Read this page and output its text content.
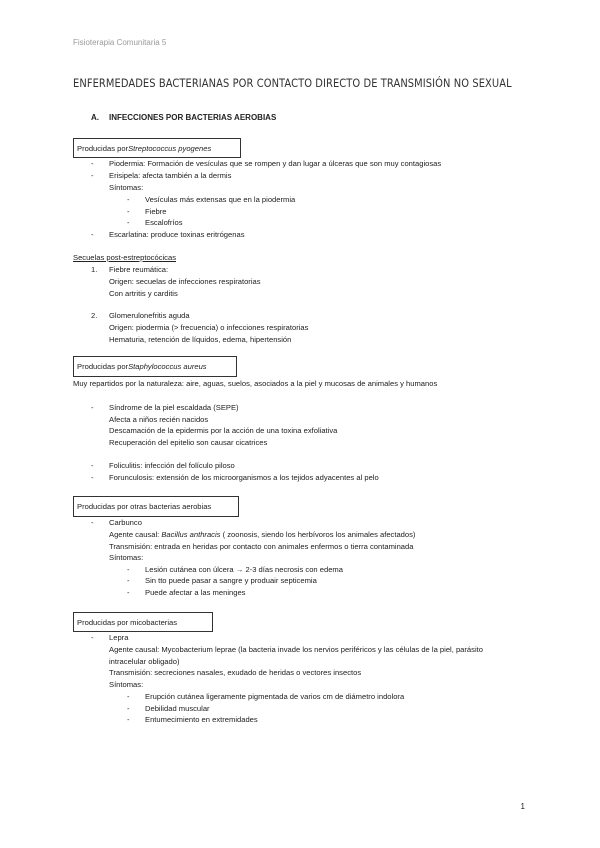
Fisioterapia Comunitaria 5
ENFERMEDADES BACTERIANAS POR CONTACTO DIRECTO DE TRANSMISIÓN NO SEXUAL
A. INFECCIONES POR BACTERIAS AEROBIAS
Producidas por Streptococcus pyogenes
- Piodermia: Formación de vesículas que se rompen y dan lugar a úlceras que son muy contagiosas
- Erisipela: afecta también a la dermis
Síntomas:
- Vesículas más extensas que en la piodermia
- Fiebre
- Escalofríos
- Escarlatina: produce toxinas eritrógenas
Secuelas post-estreptocócicas
1. Fiebre reumática:
Origen: secuelas de infecciones respiratorias
Con artritis y carditis
2. Glomerulonefritis aguda
Origen: piodermia (> frecuencia) o infecciones respiratorias
Hematuria, retención de líquidos, edema, hipertensión
Producidas por Staphylococcus aureus
Muy repartidos por la naturaleza: aire, aguas, suelos, asociados a la piel y mucosas de animales y humanos
- Síndrome de la piel escaldada (SEPE)
Afecta a niños recién nacidos
Descamación de la epidermis por la acción de una toxina exfoliativa
Recuperación del epitelio son causar cicatrices
- Foliculitis: infección del folículo piloso
- Forunculosis: extensión de los microorganismos a los tejidos adyacentes al pelo
Producidas por otras bacterias aerobias
- Carbunco
Agente causal: Bacillus anthracis ( zoonosis, siendo los herbívoros los animales afectados)
Transmisión: entrada en heridas por contacto con animales enfermos o tierra contaminada
Síntomas:
- Lesión cutánea con úlcera → 2-3 días necrosis con edema
- Sin tto puede pasar a sangre y produair septicemia
- Puede afectar a las meninges
Producidas por micobacterias
- Lepra
Agente causal: Mycobacterium leprae (la bacteria invade los nervios periféricos y las células de la piel, parásito
intracelular obligado)
Transmisión: secreciones nasales, exudado de heridas o vectores insectos
Síntomas:
- Erupción cutánea ligeramente pigmentada de varios cm de diámetro indolora
- Debilidad muscular
- Entumecimiento en extremidades
1
